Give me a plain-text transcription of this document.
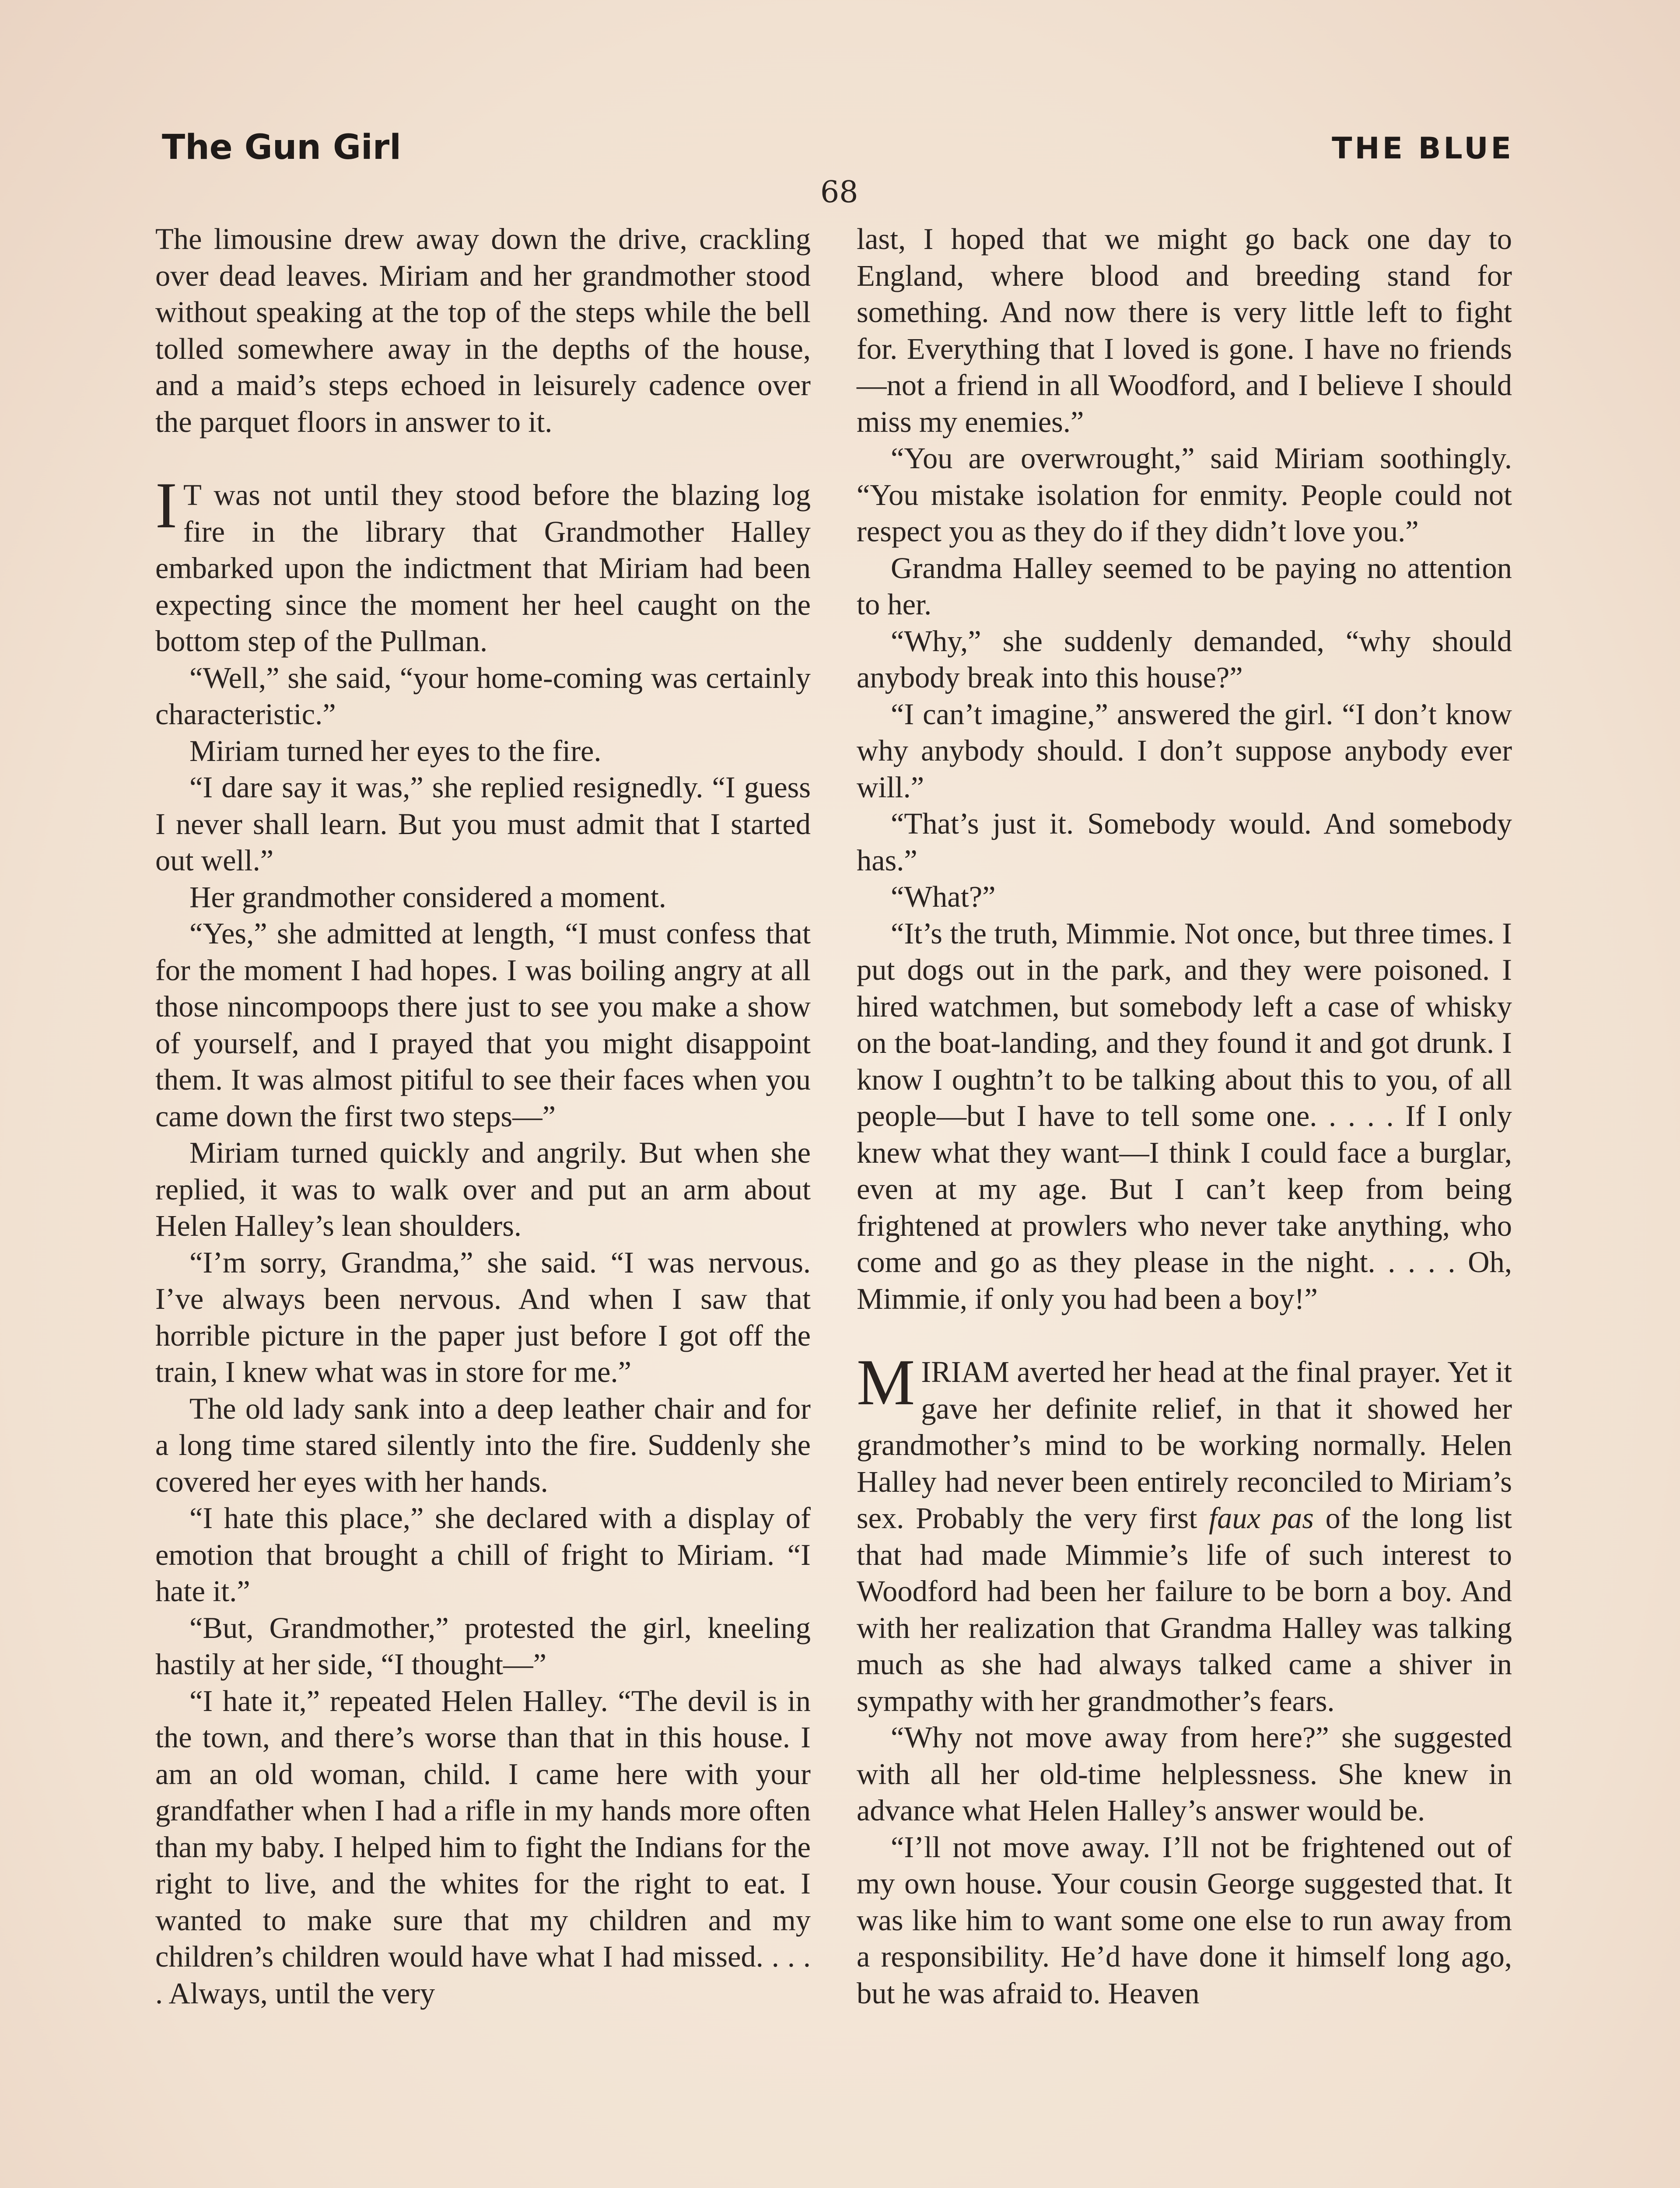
The Gun Girl	THE BLUE
68

The limousine drew away down the drive, crackling over dead leaves. Miriam and her grandmother stood without speaking at the top of the steps while the bell tolled somewhere away in the depths of the house, and a maid’s steps echoed in leisurely cadence over the parquet floors in answer to it.

I T was not until they stood before the blazing log fire in the library that Grandmother Halley embarked upon the indictment that Miriam had been expecting since the moment her heel caught on the bottom step of the Pullman.

“Well,” she said, “your home-coming was certainly characteristic.”

Miriam turned her eyes to the fire.

“I dare say it was,” she replied resignedly. “I guess I never shall learn. But you must admit that I started out well.”

Her grandmother considered a moment.

“Yes,” she admitted at length, “I must confess that for the moment I had hopes. I was boiling angry at all those nincompoops there just to see you make a show of yourself, and I prayed that you might disappoint them. It was almost pitiful to see their faces when you came down the first two steps—”

Miriam turned quickly and angrily. But when she replied, it was to walk over and put an arm about Helen Halley’s lean shoulders.

“I’m sorry, Grandma,” she said. “I was nervous. I’ve always been nervous. And when I saw that horrible picture in the paper just before I got off the train, I knew what was in store for me.”

The old lady sank into a deep leather chair and for a long time stared silently into the fire. Suddenly she covered her eyes with her hands.

“I hate this place,” she declared with a display of emotion that brought a chill of fright to Miriam. “I hate it.”

“But, Grandmother,” protested the girl, kneeling hastily at her side, “I thought—”

“I hate it,” repeated Helen Halley. “The devil is in the town, and there’s worse than that in this house. I am an old woman, child. I came here with your grandfather when I had a rifle in my hands more often than my baby. I helped him to fight the Indians for the right to live, and the whites for the right to eat. I wanted to make sure that my children and my children’s children would have what I had missed. . . . . Always, until the very

last, I hoped that we might go back one day to England, where blood and breeding stand for something. And now there is very little left to fight for. Everything that I loved is gone. I have no friends—not a friend in all Woodford, and I believe I should miss my enemies.”

“You are overwrought,” said Miriam soothingly. “You mistake isolation for enmity. People could not respect you as they do if they didn’t love you.”

Grandma Halley seemed to be paying no attention to her.

“Why,” she suddenly demanded, “why should anybody break into this house?”

“I can’t imagine,” answered the girl. “I don’t know why anybody should. I don’t suppose anybody ever will.”

“That’s just it. Somebody would. And somebody has.”

“What?”

“It’s the truth, Mimmie. Not once, but three times. I put dogs out in the park, and they were poisoned. I hired watchmen, but somebody left a case of whisky on the boat-landing, and they found it and got drunk. I know I oughtn’t to be talking about this to you, of all people—but I have to tell some one. . . . . If I only knew what they want—I think I could face a burglar, even at my age. But I can’t keep from being frightened at prowlers who never take anything, who come and go as they please in the night. . . . . Oh, Mimmie, if only you had been a boy!”

MIRIAM averted her head at the final prayer. Yet it gave her definite relief, in that it showed her grandmother’s mind to be working normally. Helen Halley had never been entirely reconciled to Miriam’s sex. Probably the very first faux pas of the long list that had made Mimmie’s life of such interest to Woodford had been her failure to be born a boy. And with her realization that Grandma Halley was talking much as she had always talked came a shiver in sympathy with her grandmother’s fears.

“Why not move away from here?” she suggested with all her old-time helplessness. She knew in advance what Helen Halley’s answer would be.

“I’ll not move away. I’ll not be frightened out of my own house. Your cousin George suggested that. It was like him to want some one else to run away from a responsibility. He’d have done it himself long ago, but he was afraid to. Heaven
